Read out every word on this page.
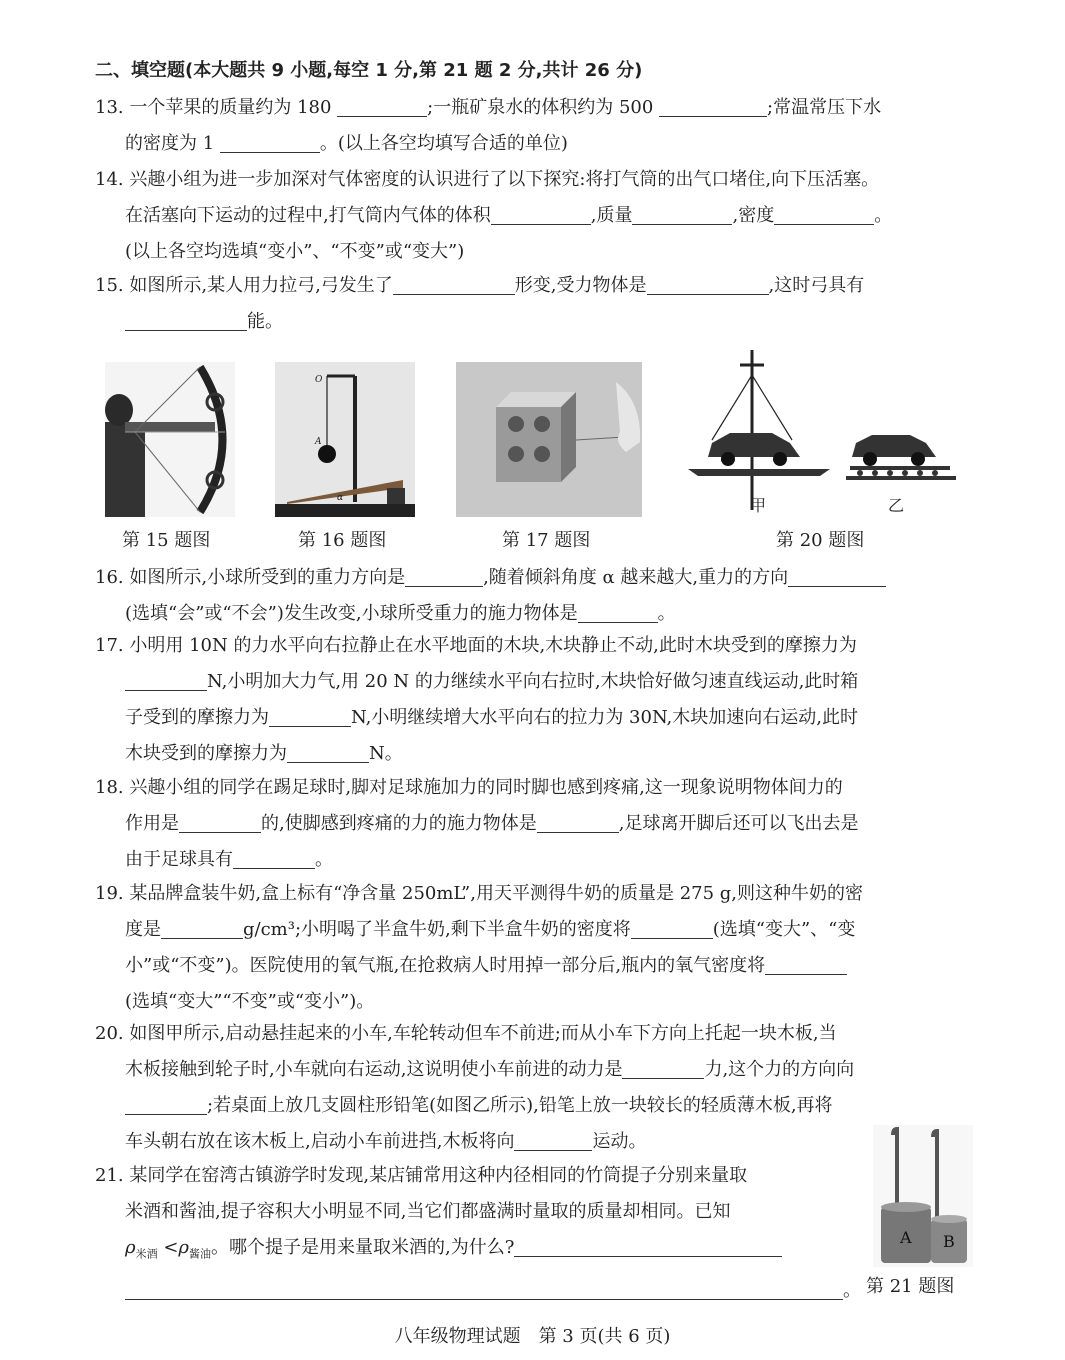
二、填空题(本大题共 9 小题,每空 1 分,第 21 题 2 分,共计 26 分)
13. 一个苹果的质量约为 180	;一瓶矿泉水的体积约为 500	;常温常压下水
的密度为 1	。(以上各空均填写合适的单位)
14. 兴趣小组为进一步加深对气体密度的认识进行了以下探究:将打气筒的出气口堵住,向下压活塞。
在活塞向下运动的过程中,打气筒内气体的体积	,质量	,密度	。
(以上各空均选填“变小”、“不变”或“变大”)
15. 如图所示,某人用力拉弓,弓发生了	形变,受力物体是	,这时弓具有
能。
第 15 题图
O
A
α
第 16 题图	第 17 题图
甲	乙
第 20 题图
16. 如图所示,小球所受到的重力方向是	,随着倾斜角度 α 越来越大,重力的方向
(选填“会”或“不会”)发生改变,小球所受重力的施力物体是	。
17. 小明用 10N 的力水平向右拉静止在水平地面的木块,木块静止不动,此时木块受到的摩擦力为
N,小明加大力气,用 20 N 的力继续水平向右拉时,木块恰好做匀速直线运动,此时箱
子受到的摩擦力为	N,小明继续增大水平向右的拉力为 30N,木块加速向右运动,此时
木块受到的摩擦力为	N。
18. 兴趣小组的同学在踢足球时,脚对足球施加力的同时脚也感到疼痛,这一现象说明物体间力的
作用是	的,使脚感到疼痛的力的施力物体是	,足球离开脚后还可以飞出去是
由于足球具有	。
19. 某品牌盒装牛奶,盒上标有“净含量 250mL”,用天平测得牛奶的质量是 275 g,则这种牛奶的密
度是	g/cm³;小明喝了半盒牛奶,剩下半盒牛奶的密度将	(选填“变大”、“变
小”或“不变”)。医院使用的氧气瓶,在抢救病人时用掉一部分后,瓶内的氧气密度将
(选填“变大”“不变”或“变小”)。
20. 如图甲所示,启动悬挂起来的小车,车轮转动但车不前进;而从小车下方向上托起一块木板,当
木板接触到轮子时,小车就向右运动,这说明使小车前进的动力是	力,这个力的方向向
;若桌面上放几支圆柱形铅笔(如图乙所示),铅笔上放一块较长的轻质薄木板,再将
车头朝右放在该木板上,启动小车前进挡,木板将向	运动。
21. 某同学在窑湾古镇游学时发现,某店铺常用这种内径相同的竹筒提子分别来量取
米酒和酱油,提子容积大小明显不同,当它们都盛满时量取的质量却相同。已知
$\rho_{米酒} <\rho_{酱油}$。哪个提子是用来量取米酒的,为什么?
。
A B
第 21 题图
八年级物理试题　第 3 页(共 6 页)
